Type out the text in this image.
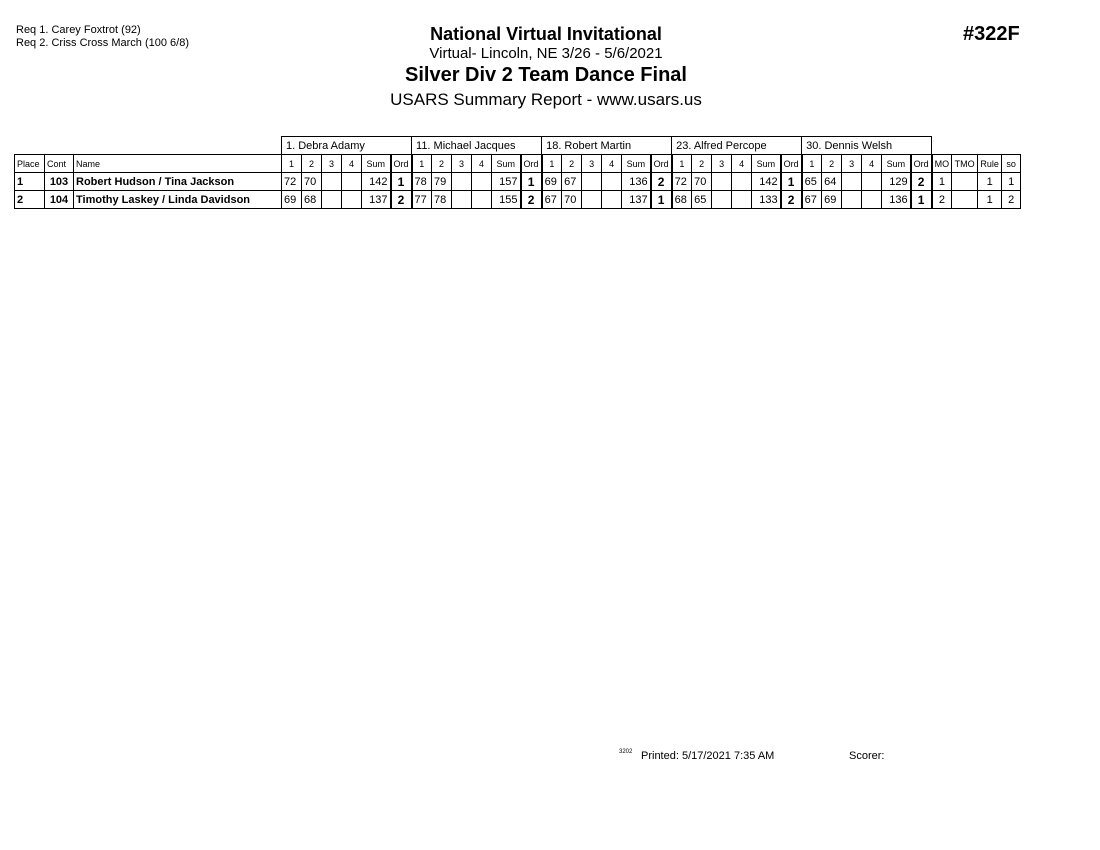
Req 1. Carey Foxtrot (92)
Req 2. Criss Cross March (100 6/8)	National Virtual Invitational
Virtual- Lincoln, NE 3/26 - 5/6/2021
Silver Div 2 Team Dance Final
USARS Summary Report - www.usars.us
#322F
			1. Debra Adamy						11. Michael Jacques						18. Robert Martin						23. Alfred Percope						30. Dennis Welsh									
Place	Cont	Name	1	2	3	4	Sum	Ord	1	2	3	4	Sum	Ord	1	2	3	4	Sum	Ord	1	2	3	4	Sum	Ord	1	2	3	4	Sum	Ord	MO	TMO	Rule	so
1	103	Robert Hudson / Tina Jackson	72	70			142	1	78	79			157	1	69	67			136	2	72	70			142	1	65	64			129	2	1		1	1
2	104	Timothy Laskey / Linda Davidson	69	68			137	2	77	78			155	2	67	70			137	1	68	65			133	2	67	69			136	1	2		1	2
3202 Printed: 5/17/2021 7:35 AM	Scorer:
